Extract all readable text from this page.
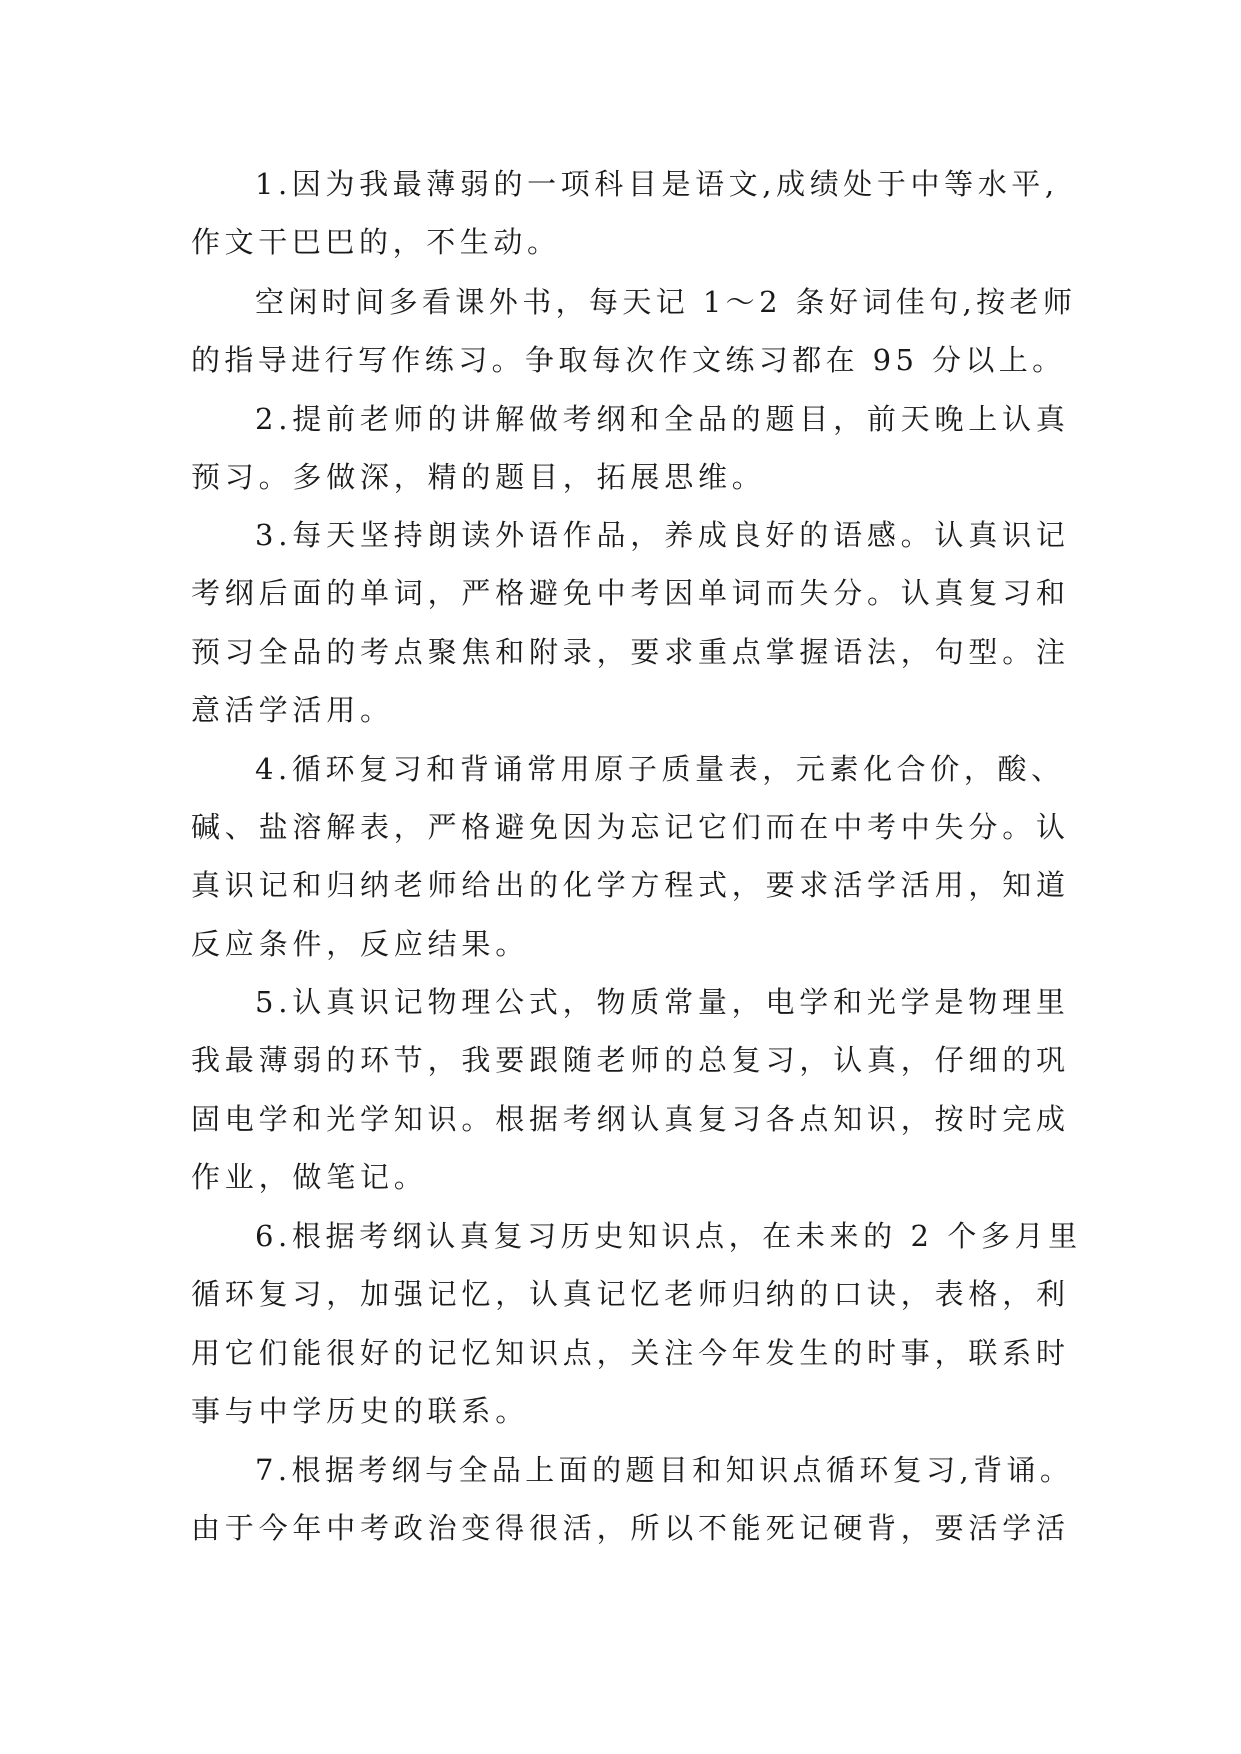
1.因为我最薄弱的一项科目是语文,成绩处于中等水平,
作文干巴巴的，不生动。
空闲时间多看课外书，每天记 1～2 条好词佳句,按老师
的指导进行写作练习。争取每次作文练习都在 95 分以上。
2.提前老师的讲解做考纲和全品的题目，前天晚上认真
预习。多做深，精的题目，拓展思维。
3.每天坚持朗读外语作品，养成良好的语感。认真识记
考纲后面的单词，严格避免中考因单词而失分。认真复习和
预习全品的考点聚焦和附录，要求重点掌握语法，句型。注
意活学活用。
4.循环复习和背诵常用原子质量表，元素化合价，酸、
碱、盐溶解表，严格避免因为忘记它们而在中考中失分。认
真识记和归纳老师给出的化学方程式，要求活学活用，知道
反应条件，反应结果。
5.认真识记物理公式，物质常量，电学和光学是物理里
我最薄弱的环节，我要跟随老师的总复习，认真，仔细的巩
固电学和光学知识。根据考纲认真复习各点知识，按时完成
作业，做笔记。
6.根据考纲认真复习历史知识点，在未来的 2 个多月里
循环复习，加强记忆，认真记忆老师归纳的口诀，表格，利
用它们能很好的记忆知识点，关注今年发生的时事，联系时
事与中学历史的联系。
7.根据考纲与全品上面的题目和知识点循环复习,背诵。
由于今年中考政治变得很活，所以不能死记硬背，要活学活
